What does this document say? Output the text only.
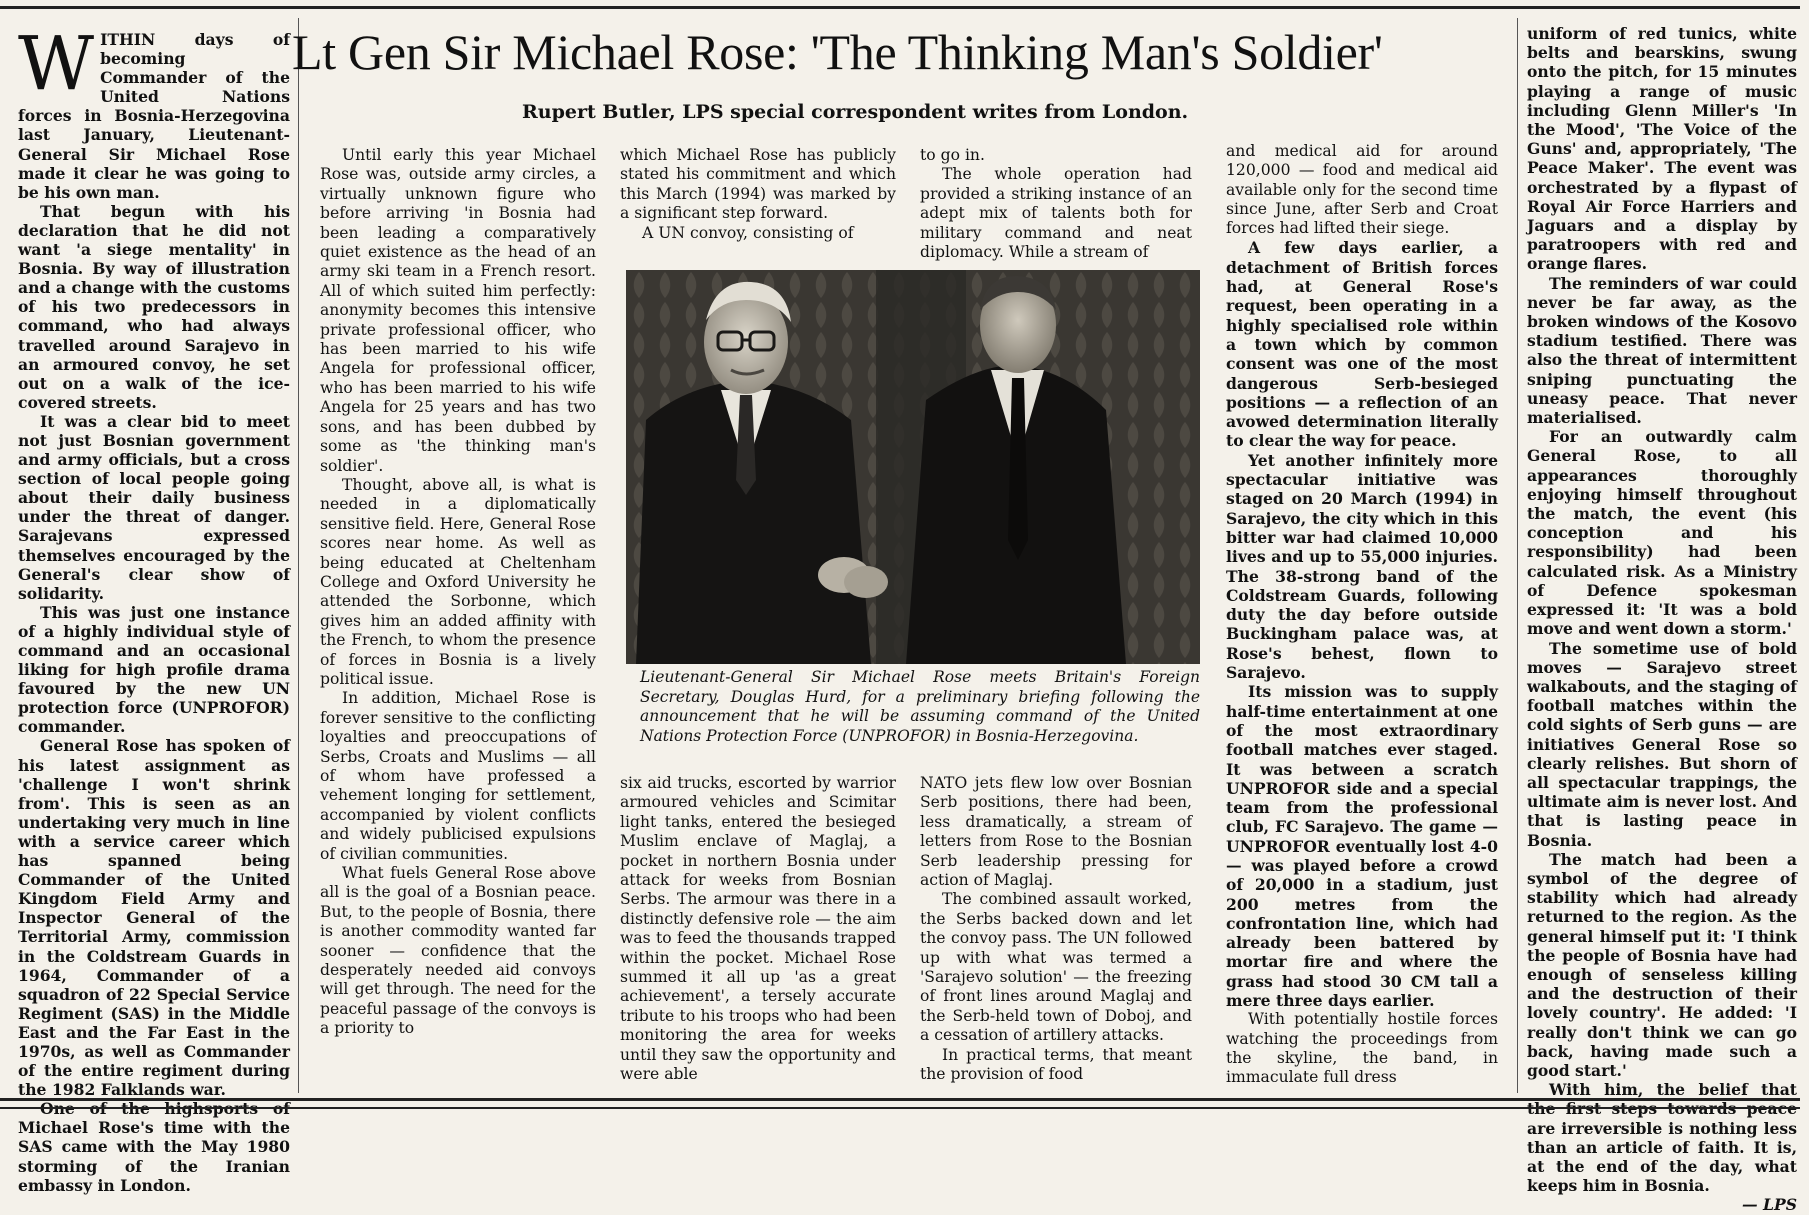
Lt Gen Sir Michael Rose: 'The Thinking Man's Soldier'
Rupert Butler, LPS special correspondent writes from London.

WITHIN days of becoming Commander of the United Nations forces in Bosnia-Herzegovina last January, Lieutenant-General Sir Michael Rose made it clear he was going to be his own man.

That begun with his declaration that he did not want 'a siege mentality' in Bosnia. By way of illustration and a change with the customs of his two predecessors in command, who had always travelled around Sarajevo in an armoured convoy, he set out on a walk of the ice-covered streets.

It was a clear bid to meet not just Bosnian government and army officials, but a cross section of local people going about their daily business under the threat of danger. Sarajevans expressed themselves encouraged by the General's clear show of solidarity.

This was just one instance of a highly individual style of command and an occasional liking for high profile drama favoured by the new UN protection force (UNPROFOR) commander.

General Rose has spoken of his latest assignment as 'challenge I won't shrink from'. This is seen as an undertaking very much in line with a service career which has spanned being Commander of the United Kingdom Field Army and Inspector General of the Territorial Army, commission in the Coldstream Guards in 1964, Commander of a squadron of 22 Special Service Regiment (SAS) in the Middle East and the Far East in the 1970s, as well as Commander of the entire regiment during the 1982 Falklands war.

One of the highsports of Michael Rose's time with the SAS came with the May 1980 storming of the Iranian embassy in London.

Until early this year Michael Rose was, outside army circles, a virtually unknown figure who before arriving 'in Bosnia had been leading a comparatively quiet existence as the head of an army ski team in a French resort. All of which suited him perfectly: anonymity becomes this intensive private professional officer, who has been married to his wife Angela for professional officer, who has been married to his wife Angela for 25 years and has two sons, and has been dubbed by some as 'the thinking man's soldier'.

Thought, above all, is what is needed in a diplomatically sensitive field. Here, General Rose scores near home. As well as being educated at Cheltenham College and Oxford University he attended the Sorbonne, which gives him an added affinity with the French, to whom the presence of forces in Bosnia is a lively political issue.

In addition, Michael Rose is forever sensitive to the conflicting loyalties and preoccupations of Serbs, Croats and Muslims — all of whom have professed a vehement longing for settlement, accompanied by violent conflicts and widely publicised expulsions of civilian communities.

What fuels General Rose above all is the goal of a Bosnian peace. But, to the people of Bosnia, there is another commodity wanted far sooner — confidence that the desperately needed aid convoys will get through. The need for the peaceful passage of the convoys is a priority to

which Michael Rose has publicly stated his commitment and which this March (1994) was marked by a significant step forward.

A UN convoy, consisting of

to go in.

The whole operation had provided a striking instance of an adept mix of talents both for military command and neat diplomacy. While a stream of

Lieutenant-General Sir Michael Rose meets Britain's Foreign Secretary, Douglas Hurd, for a preliminary briefing following the announcement that he will be assuming command of the United Nations Protection Force (UNPROFOR) in Bosnia-Herzegovina.

six aid trucks, escorted by warrior armoured vehicles and Scimitar light tanks, entered the besieged Muslim enclave of Maglaj, a pocket in northern Bosnia under attack for weeks from Bosnian Serbs. The armour was there in a distinctly defensive role — the aim was to feed the thousands trapped within the pocket. Michael Rose summed it all up 'as a great achievement', a tersely accurate tribute to his troops who had been monitoring the area for weeks until they saw the opportunity and were able

NATO jets flew low over Bosnian Serb positions, there had been, less dramatically, a stream of letters from Rose to the Bosnian Serb leadership pressing for action of Maglaj.

The combined assault worked, the Serbs backed down and let the convoy pass. The UN followed up with what was termed a 'Sarajevo solution' — the freezing of front lines around Maglaj and the Serb-held town of Doboj, and a cessation of artillery attacks.

In practical terms, that meant the provision of food

and medical aid for around 120,000 — food and medical aid available only for the second time since June, after Serb and Croat forces had lifted their siege.

A few days earlier, a detachment of British forces had, at General Rose's request, been operating in a highly specialised role within a town which by common consent was one of the most dangerous Serb-besieged positions — a reflection of an avowed determination literally to clear the way for peace.

Yet another infinitely more spectacular initiative was staged on 20 March (1994) in Sarajevo, the city which in this bitter war had claimed 10,000 lives and up to 55,000 injuries. The 38-strong band of the Coldstream Guards, following duty the day before outside Buckingham palace was, at Rose's behest, flown to Sarajevo.

Its mission was to supply half-time entertainment at one of the most extraordinary football matches ever staged. It was between a scratch UNPROFOR side and a special team from the professional club, FC Sarajevo. The game — UNPROFOR eventually lost 4-0 — was played before a crowd of 20,000 in a stadium, just 200 metres from the confrontation line, which had already been battered by mortar fire and where the grass had stood 30 CM tall a mere three days earlier.

With potentially hostile forces watching the proceedings from the skyline, the band, in immaculate full dress

uniform of red tunics, white belts and bearskins, swung onto the pitch, for 15 minutes playing a range of music including Glenn Miller's 'In the Mood', 'The Voice of the Guns' and, appropriately, 'The Peace Maker'. The event was orchestrated by a flypast of Royal Air Force Harriers and Jaguars and a display by paratroopers with red and orange flares.

The reminders of war could never be far away, as the broken windows of the Kosovo stadium testified. There was also the threat of intermittent sniping punctuating the uneasy peace. That never materialised.

For an outwardly calm General Rose, to all appearances thoroughly enjoying himself throughout the match, the event (his conception and his responsibility) had been calculated risk. As a Ministry of Defence spokesman expressed it: 'It was a bold move and went down a storm.'

The sometime use of bold moves — Sarajevo street walkabouts, and the staging of football matches within the cold sights of Serb guns — are initiatives General Rose so clearly relishes. But shorn of all spectacular trappings, the ultimate aim is never lost. And that is lasting peace in Bosnia.

The match had been a symbol of the degree of stability which had already returned to the region. As the general himself put it: 'I think the people of Bosnia have had enough of senseless killing and the destruction of their lovely country'. He added: 'I really don't think we can go back, having made such a good start.'

With him, the belief that the first steps towards peace are irreversible is nothing less than an article of faith. It is, at the end of the day, what keeps him in Bosnia.

— LPS
